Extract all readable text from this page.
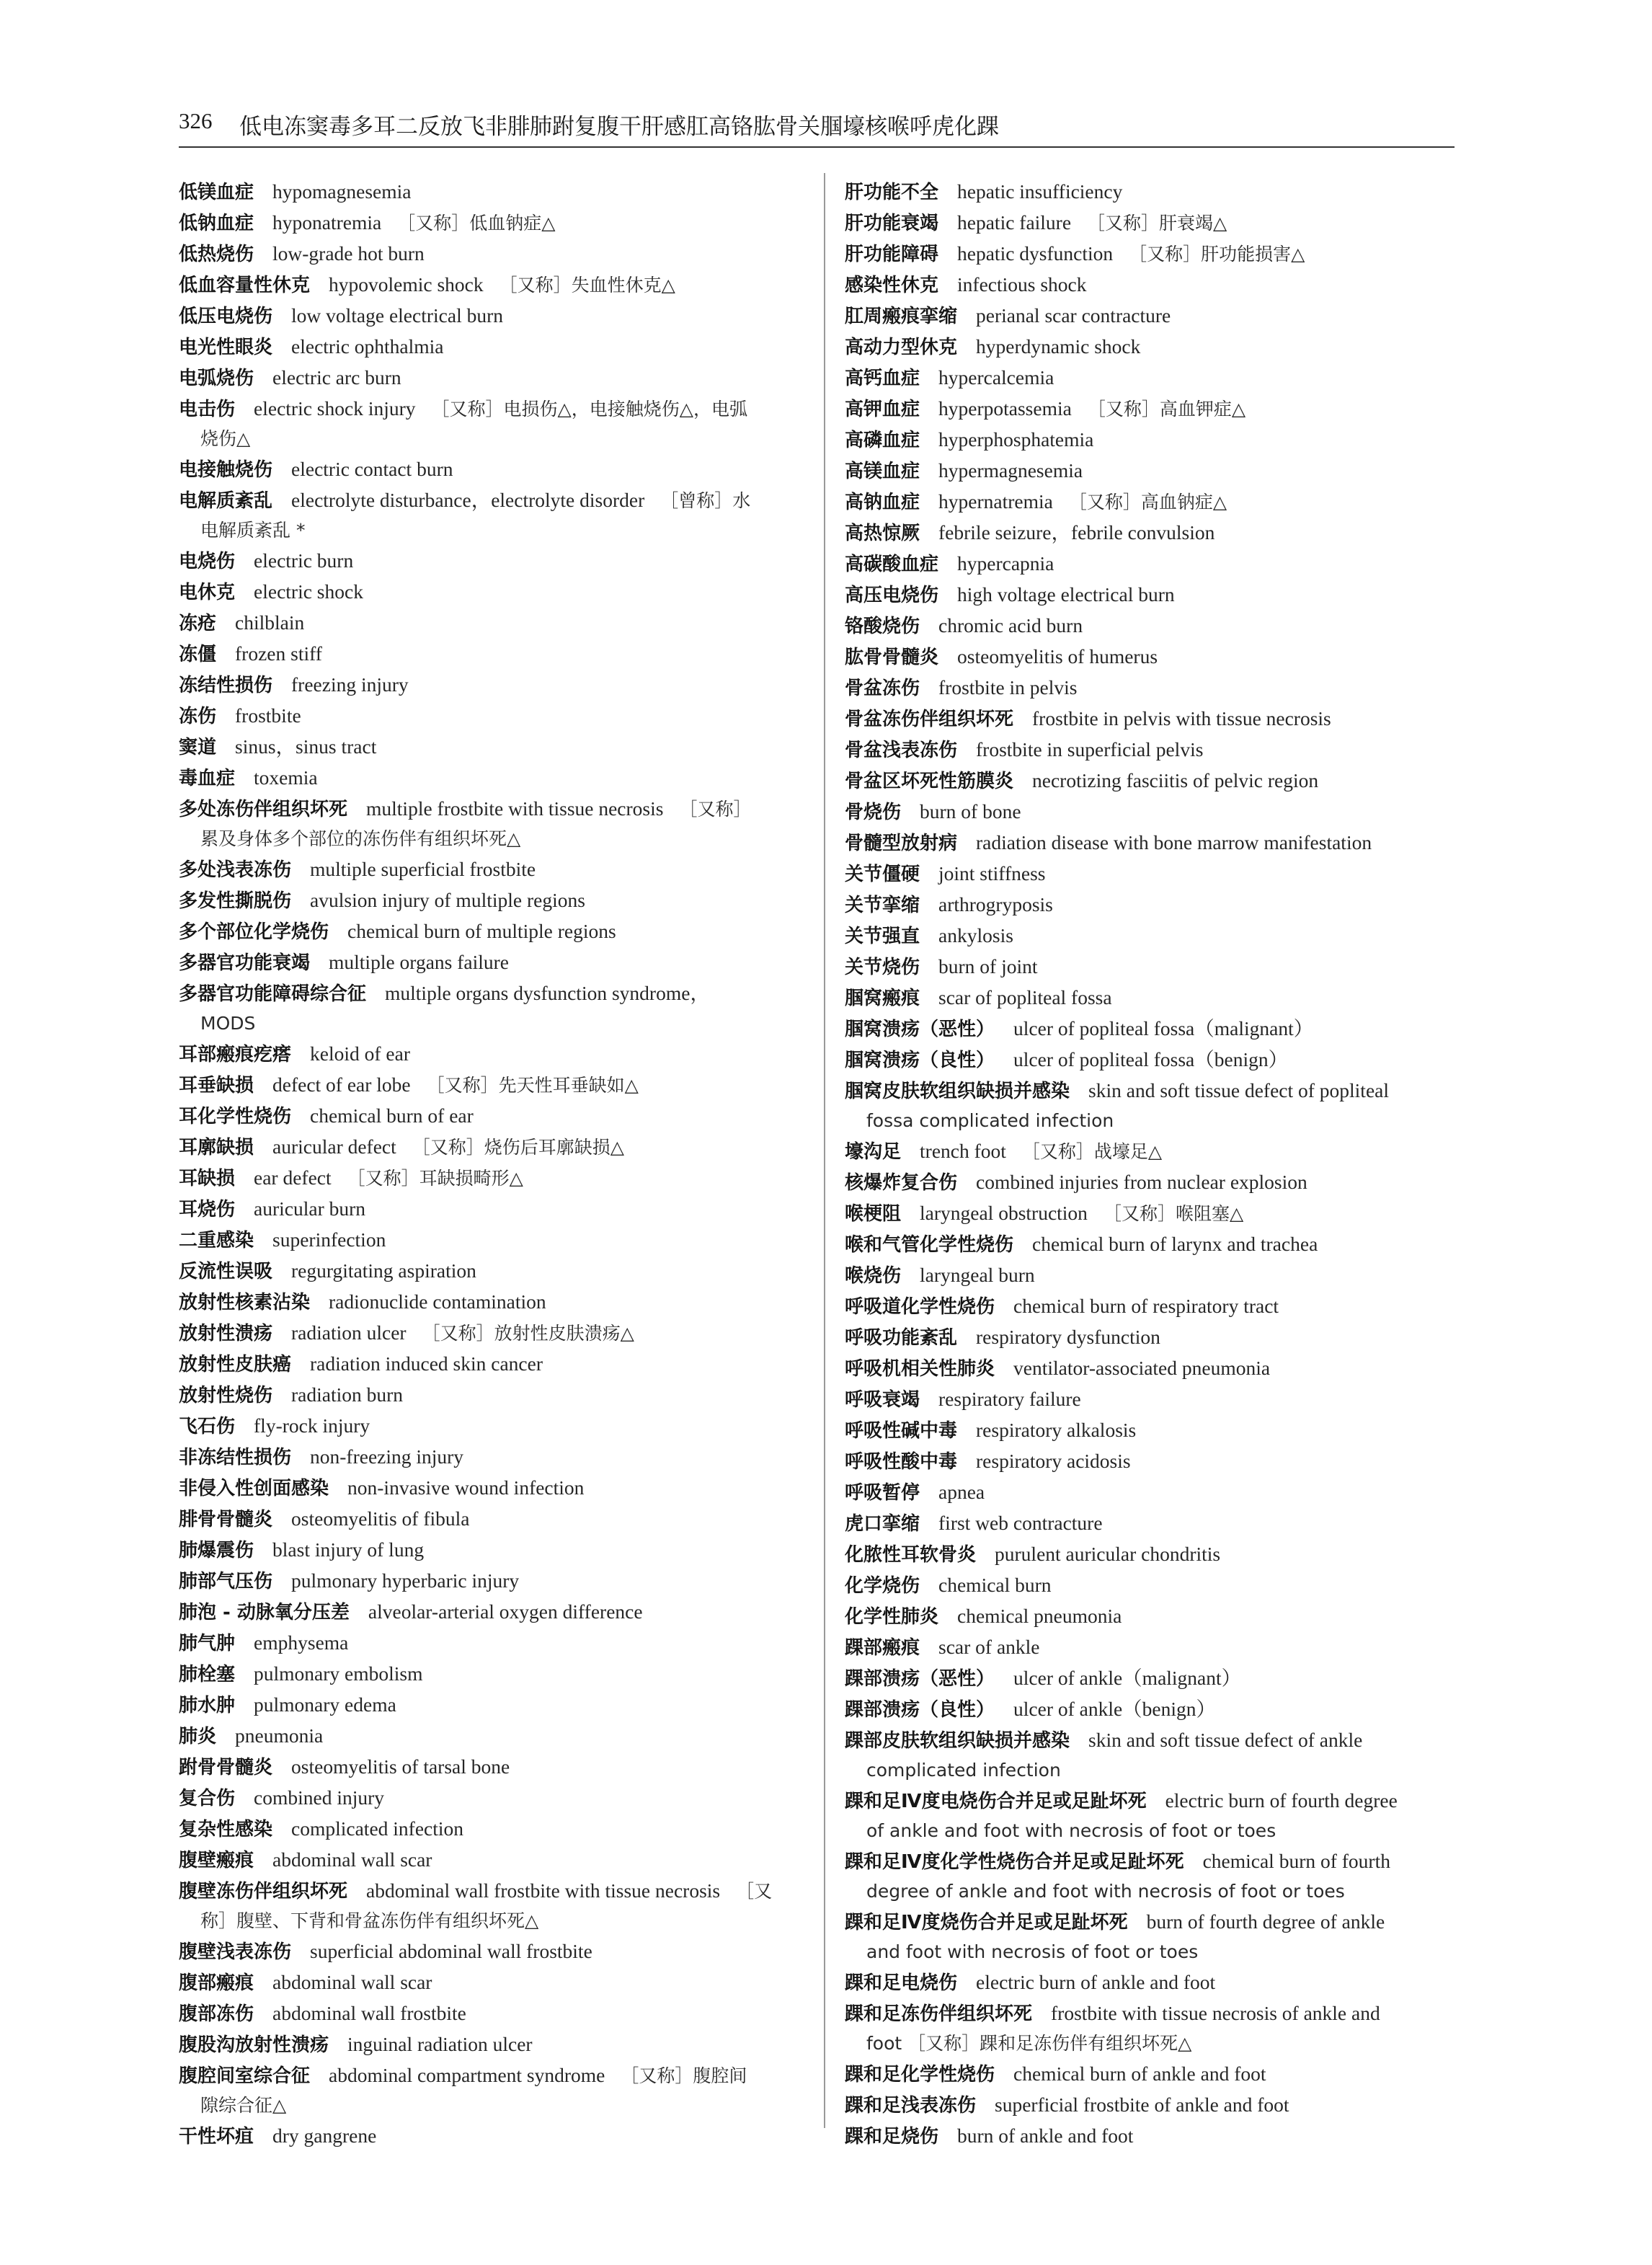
326 低电冻窦毒多耳二反放飞非腓肺跗复腹干肝感肛高铬肱骨关腘壕核喉呼虎化踝
低镁血症 hypomagnesemia
低钠血症 hyponatremia ［又称］低血钠症△
低热烧伤 low-grade hot burn
低血容量性休克 hypovolemic shock ［又称］失血性休克△
低压电烧伤 low voltage electrical burn
电光性眼炎 electric ophthalmia
电弧烧伤 electric arc burn
电击伤 electric shock injury ［又称］电损伤△，电接触烧伤△，电弧
烧伤△
电接触烧伤 electric contact burn
电解质紊乱 electrolyte disturbance，electrolyte disorder ［曾称］水
电解质紊乱 *
电烧伤 electric burn
电休克 electric shock
冻疮 chilblain
冻僵 frozen stiff
冻结性损伤 freezing injury
冻伤 frostbite
窦道 sinus，sinus tract
毒血症 toxemia
多处冻伤伴组织坏死 multiple frostbite with tissue necrosis ［又称］
累及身体多个部位的冻伤伴有组织坏死△
多处浅表冻伤 multiple superficial frostbite
多发性撕脱伤 avulsion injury of multiple regions
多个部位化学烧伤 chemical burn of multiple regions
多器官功能衰竭 multiple organs failure
多器官功能障碍综合征 multiple organs dysfunction syndrome，
MODS
耳部瘢痕疙瘩 keloid of ear
耳垂缺损 defect of ear lobe ［又称］先天性耳垂缺如△
耳化学性烧伤 chemical burn of ear
耳廓缺损 auricular defect ［又称］烧伤后耳廓缺损△
耳缺损 ear defect ［又称］耳缺损畸形△
耳烧伤 auricular burn
二重感染 superinfection
反流性误吸 regurgitating aspiration
放射性核素沾染 radionuclide contamination
放射性溃疡 radiation ulcer ［又称］放射性皮肤溃疡△
放射性皮肤癌 radiation induced skin cancer
放射性烧伤 radiation burn
飞石伤 fly-rock injury
非冻结性损伤 non-freezing injury
非侵入性创面感染 non-invasive wound infection
腓骨骨髓炎 osteomyelitis of fibula
肺爆震伤 blast injury of lung
肺部气压伤 pulmonary hyperbaric injury
肺泡 - 动脉氧分压差 alveolar-arterial oxygen difference
肺气肿 emphysema
肺栓塞 pulmonary embolism
肺水肿 pulmonary edema
肺炎 pneumonia
跗骨骨髓炎 osteomyelitis of tarsal bone
复合伤 combined injury
复杂性感染 complicated infection
腹壁瘢痕 abdominal wall scar
腹壁冻伤伴组织坏死 abdominal wall frostbite with tissue necrosis ［又
称］腹壁、下背和骨盆冻伤伴有组织坏死△
腹壁浅表冻伤 superficial abdominal wall frostbite
腹部瘢痕 abdominal wall scar
腹部冻伤 abdominal wall frostbite
腹股沟放射性溃疡 inguinal radiation ulcer
腹腔间室综合征 abdominal compartment syndrome ［又称］腹腔间
隙综合征△
干性坏疽 dry gangrene
肝功能不全 hepatic insufficiency
肝功能衰竭 hepatic failure ［又称］肝衰竭△
肝功能障碍 hepatic dysfunction ［又称］肝功能损害△
感染性休克 infectious shock
肛周瘢痕挛缩 perianal scar contracture
高动力型休克 hyperdynamic shock
高钙血症 hypercalcemia
高钾血症 hyperpotassemia ［又称］高血钾症△
高磷血症 hyperphosphatemia
高镁血症 hypermagnesemia
高钠血症 hypernatremia ［又称］高血钠症△
高热惊厥 febrile seizure，febrile convulsion
高碳酸血症 hypercapnia
高压电烧伤 high voltage electrical burn
铬酸烧伤 chromic acid burn
肱骨骨髓炎 osteomyelitis of humerus
骨盆冻伤 frostbite in pelvis
骨盆冻伤伴组织坏死 frostbite in pelvis with tissue necrosis
骨盆浅表冻伤 frostbite in superficial pelvis
骨盆区坏死性筋膜炎 necrotizing fasciitis of pelvic region
骨烧伤 burn of bone
骨髓型放射病 radiation disease with bone marrow manifestation
关节僵硬 joint stiffness
关节挛缩 arthrogryposis
关节强直 ankylosis
关节烧伤 burn of joint
腘窝瘢痕 scar of popliteal fossa
腘窝溃疡（恶性） ulcer of popliteal fossa（malignant）
腘窝溃疡（良性） ulcer of popliteal fossa（benign）
腘窝皮肤软组织缺损并感染 skin and soft tissue defect of popliteal
fossa complicated infection
壕沟足 trench foot ［又称］战壕足△
核爆炸复合伤 combined injuries from nuclear explosion
喉梗阻 laryngeal obstruction ［又称］喉阻塞△
喉和气管化学性烧伤 chemical burn of larynx and trachea
喉烧伤 laryngeal burn
呼吸道化学性烧伤 chemical burn of respiratory tract
呼吸功能紊乱 respiratory dysfunction
呼吸机相关性肺炎 ventilator-associated pneumonia
呼吸衰竭 respiratory failure
呼吸性碱中毒 respiratory alkalosis
呼吸性酸中毒 respiratory acidosis
呼吸暂停 apnea
虎口挛缩 first web contracture
化脓性耳软骨炎 purulent auricular chondritis
化学烧伤 chemical burn
化学性肺炎 chemical pneumonia
踝部瘢痕 scar of ankle
踝部溃疡（恶性） ulcer of ankle（malignant）
踝部溃疡（良性） ulcer of ankle（benign）
踝部皮肤软组织缺损并感染 skin and soft tissue defect of ankle
complicated infection
踝和足Ⅳ度电烧伤合并足或足趾坏死 electric burn of fourth degree
of ankle and foot with necrosis of foot or toes
踝和足Ⅳ度化学性烧伤合并足或足趾坏死 chemical burn of fourth
degree of ankle and foot with necrosis of foot or toes
踝和足Ⅳ度烧伤合并足或足趾坏死 burn of fourth degree of ankle
and foot with necrosis of foot or toes
踝和足电烧伤 electric burn of ankle and foot
踝和足冻伤伴组织坏死 frostbite with tissue necrosis of ankle and
foot ［又称］踝和足冻伤伴有组织坏死△
踝和足化学性烧伤 chemical burn of ankle and foot
踝和足浅表冻伤 superficial frostbite of ankle and foot
踝和足烧伤 burn of ankle and foot
